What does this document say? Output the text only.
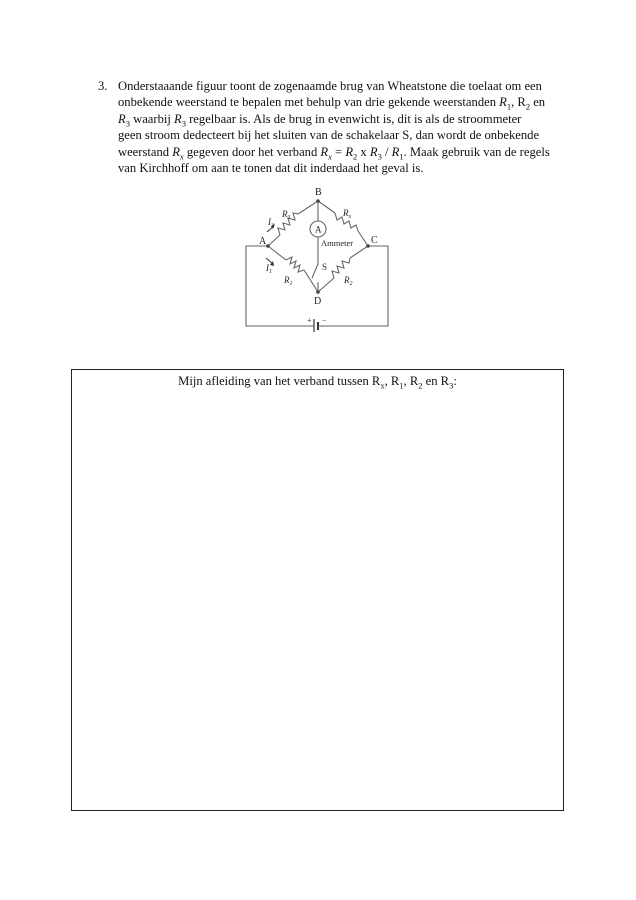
3. Onderstaaande figuur toont de zogenaamde brug van Wheatstone die toelaat om een
onbekende weerstand te bepalen met behulp van drie gekende weerstanden $R_1$, $R_2$ en
$R_3$ waarbij $R_3$ regelbaar is. Als de brug in evenwicht is, dit is als de stroommeter
geen stroom dedecteert bij het sluiten van de schakelaar S, dan wordt de onbekende
weerstand $R_x$ gegeven door het verband $R_x = R_2$ x $R_3 / R_1$. Maak gebruik van de regels
van Kirchhoff om aan te tonen dat dit inderdaad het geval is.
B
A	C
D
S
A
Ammeter
$R_3$	$R_x$
$R_1$	$R_2$
$I_3$
$I_1$
+ −
Mijn afleiding van het verband tussen $R_x$, $R_1$, $R_2$ en $R_3$:
